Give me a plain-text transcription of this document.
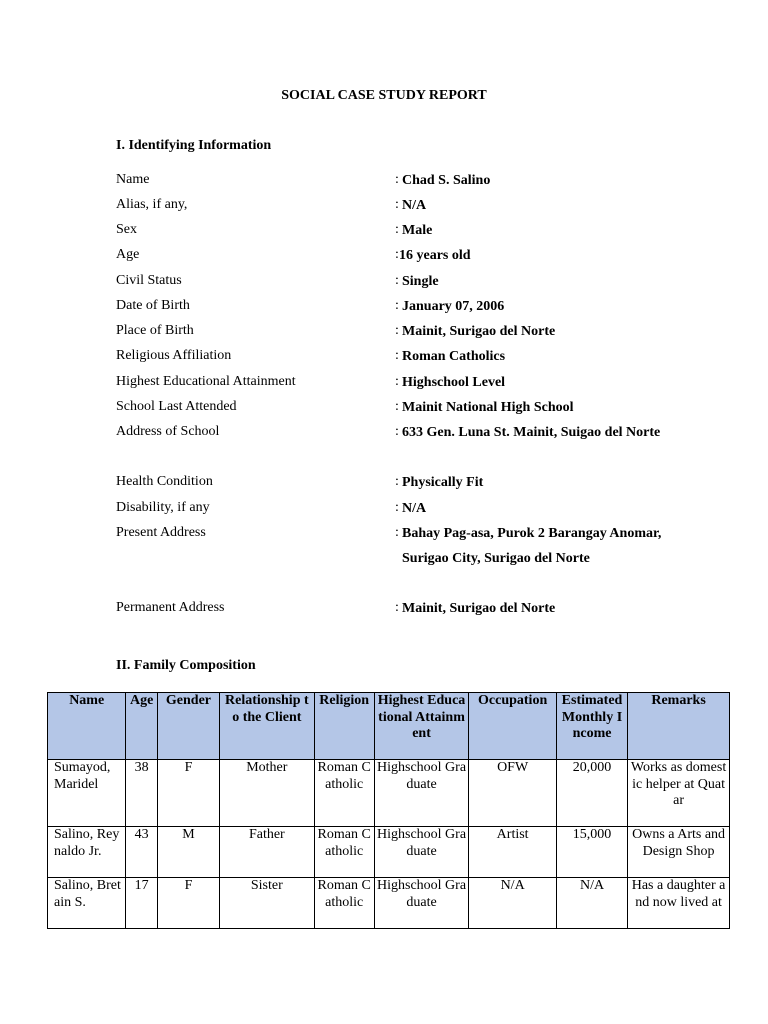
SOCIAL CASE STUDY REPORT
I. Identifying Information
Name	: Chad S. Salino
Alias, if any,	: N/A
Sex	: Male
Age	: 16 years old
Civil Status	: Single
Date of Birth	: January 07, 2006
Place of Birth	: Mainit, Surigao del Norte
Religious Affiliation	: Roman Catholics
Highest Educational Attainment	: Highschool Level
School Last Attended	: Mainit National High School
Address of School	: 633 Gen. Luna St. Mainit, Suigao del Norte
Health Condition	: Physically Fit
Disability, if any	: N/A
Present Address	: Bahay Pag-asa, Purok 2 Barangay Anomar, Surigao City, Surigao del Norte
Permanent Address	: Mainit, Surigao del Norte
II. Family Composition
Name	Age	Gender	Relationship to the Client	Religion	Highest Educational Attainment	Occupation	Estimated Monthly Income	Remarks
Sumayod, Maridel	38	F	Mother	Roman Catholic	Highschool Graduate	OFW	20,000	Works as domestic helper at Quatar
Salino, Reynaldo Jr.	43	M	Father	Roman Catholic	Highschool Graduate	Artist	15,000	Owns a Arts and Design Shop
Salino, Bretain S.	17	F	Sister	Roman Catholic	Highschool Graduate	N/A	N/A	Has a daughter and now lived at
